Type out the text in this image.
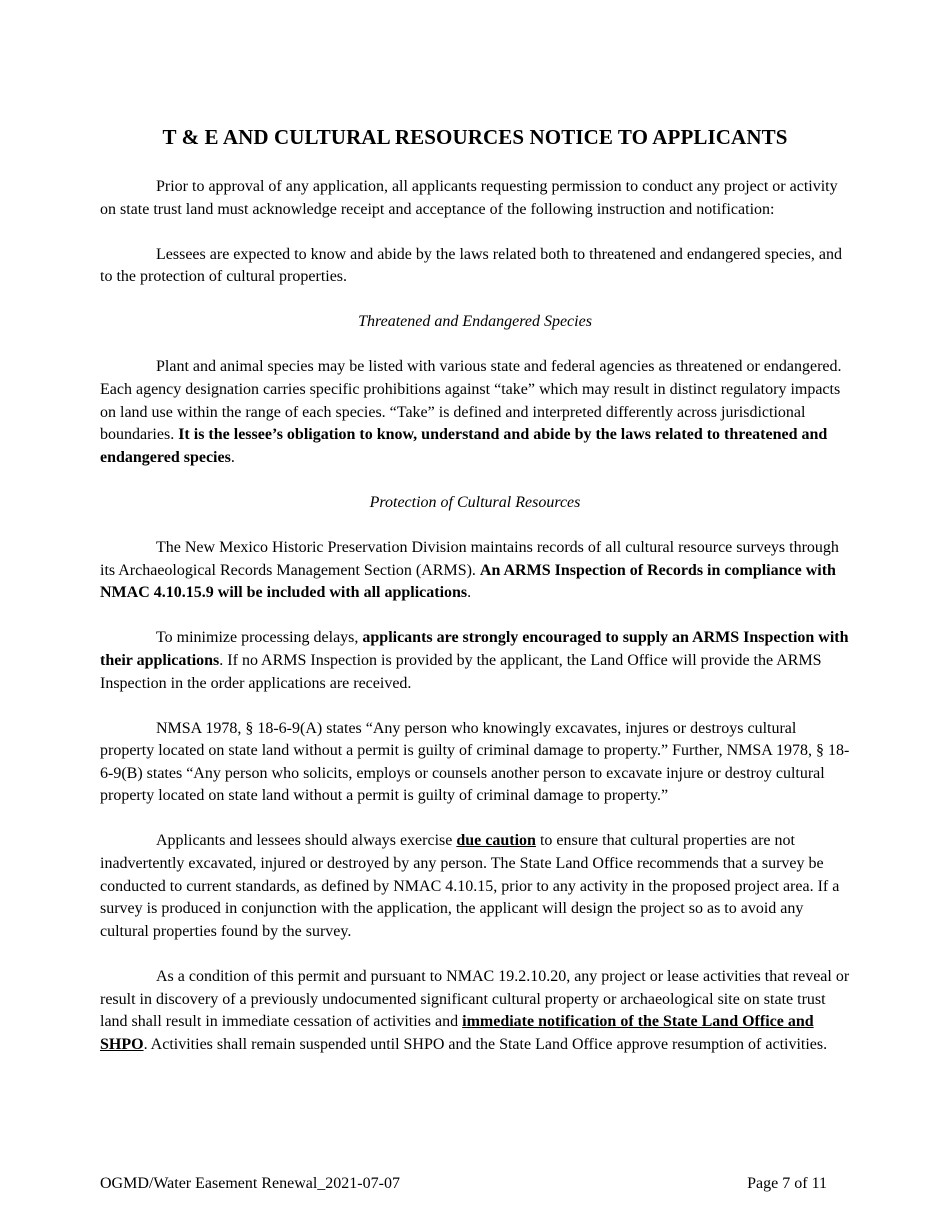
T & E AND CULTURAL RESOURCES NOTICE TO APPLICANTS

Prior to approval of any application, all applicants requesting permission to conduct any project or activity on state trust land must acknowledge receipt and acceptance of the following instruction and notification:

Lessees are expected to know and abide by the laws related both to threatened and endangered species, and to the protection of cultural properties.

Threatened and Endangered Species

Plant and animal species may be listed with various state and federal agencies as threatened or endangered. Each agency designation carries specific prohibitions against “take” which may result in distinct regulatory impacts on land use within the range of each species. “Take” is defined and interpreted differently across jurisdictional boundaries. It is the lessee’s obligation to know, understand and abide by the laws related to threatened and endangered species.

Protection of Cultural Resources

The New Mexico Historic Preservation Division maintains records of all cultural resource surveys through its Archaeological Records Management Section (ARMS). An ARMS Inspection of Records in compliance with NMAC 4.10.15.9 will be included with all applications.

To minimize processing delays, applicants are strongly encouraged to supply an ARMS Inspection with their applications. If no ARMS Inspection is provided by the applicant, the Land Office will provide the ARMS Inspection in the order applications are received.

NMSA 1978, § 18-6-9(A) states “Any person who knowingly excavates, injures or destroys cultural property located on state land without a permit is guilty of criminal damage to property.” Further, NMSA 1978, § 18-6-9(B) states “Any person who solicits, employs or counsels another person to excavate injure or destroy cultural property located on state land without a permit is guilty of criminal damage to property.”

Applicants and lessees should always exercise due caution to ensure that cultural properties are not inadvertently excavated, injured or destroyed by any person. The State Land Office recommends that a survey be conducted to current standards, as defined by NMAC 4.10.15, prior to any activity in the proposed project area. If a survey is produced in conjunction with the application, the applicant will design the project so as to avoid any cultural properties found by the survey.

As a condition of this permit and pursuant to NMAC 19.2.10.20, any project or lease activities that reveal or result in discovery of a previously undocumented significant cultural property or archaeological site on state trust land shall result in immediate cessation of activities and immediate notification of the State Land Office and SHPO. Activities shall remain suspended until SHPO and the State Land Office approve resumption of activities.

OGMD/Water Easement Renewal_2021-07-07	Page 7 of 11
